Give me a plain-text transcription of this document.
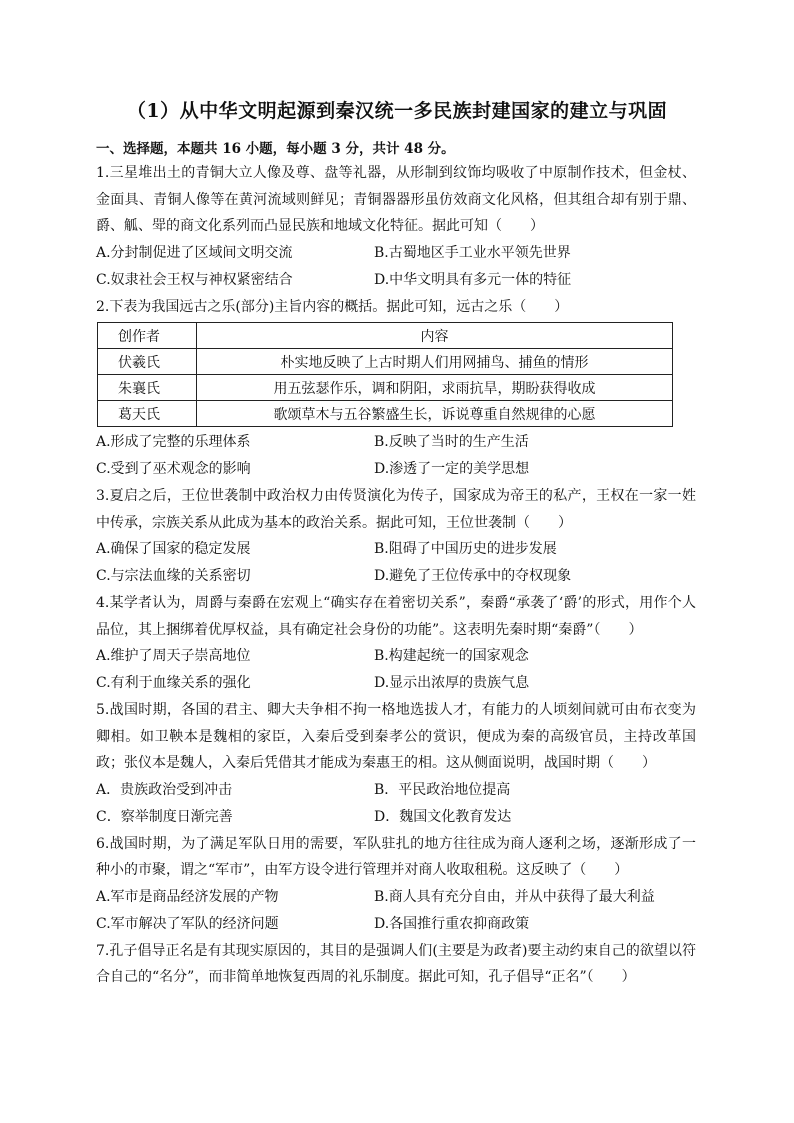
（1）从中华文明起源到秦汉统一多民族封建国家的建立与巩固
一、选择题，本题共 16 小题，每小题 3 分，共计 48 分。

1.三星堆出土的青铜大立人像及尊、盘等礼器，从形制到纹饰均吸收了中原制作技术，但金杖、金面具、青铜人像等在黄河流域则鲜见；青铜器器形虽仿效商文化风格，但其组合却有别于鼎、爵、觚、斝的商文化系列而凸显民族和地域文化特征。据此可知（　　）

A.分封制促进了区域间文明交流	B.古蜀地区手工业水平领先世界
C.奴隶社会王权与神权紧密结合	D.中华文明具有多元一体的特征

2.下表为我国远古之乐(部分)主旨内容的概括。据此可知，远古之乐（　　）

创作者	内容
伏羲氏	朴实地反映了上古时期人们用网捕鸟、捕鱼的情形
朱襄氏	用五弦瑟作乐，调和阴阳，求雨抗旱，期盼获得收成
葛天氏	歌颂草木与五谷繁盛生长，诉说尊重自然规律的心愿
A.形成了完整的乐理体系	B.反映了当时的生产生活
C.受到了巫术观念的影响	D.渗透了一定的美学思想

3.夏启之后，王位世袭制中政治权力由传贤演化为传子，国家成为帝王的私产，王权在一家一姓中传承，宗族关系从此成为基本的政治关系。据此可知，王位世袭制（　　）

A.确保了国家的稳定发展	B.阻碍了中国历史的进步发展
C.与宗法血缘的关系密切	D.避免了王位传承中的夺权现象

4.某学者认为，周爵与秦爵在宏观上“确实存在着密切关系”，秦爵“承袭了‘爵’的形式，用作个人品位，其上捆绑着优厚权益，具有确定社会身份的功能”。这表明先秦时期“秦爵”（　　）

A.维护了周天子崇高地位	B.构建起统一的国家观念
C.有利于血缘关系的强化	D.显示出浓厚的贵族气息

5.战国时期，各国的君主、卿大夫争相不拘一格地选拔人才，有能力的人顷刻间就可由布衣变为卿相。如卫鞅本是魏相的家臣，入秦后受到秦孝公的赏识，便成为秦的高级官员，主持改革国政；张仪本是魏人，入秦后凭借其才能成为秦惠王的相。这从侧面说明，战国时期（　　）

A．贵族政治受到冲击	B．平民政治地位提高
C．察举制度日渐完善	D．魏国文化教育发达

6.战国时期，为了满足军队日用的需要，军队驻扎的地方往往成为商人逐利之场，逐渐形成了一种小的市聚，谓之“军市”，由军方设令进行管理并对商人收取租税。这反映了（　　）

A.军市是商品经济发展的产物	B.商人具有充分自由，并从中获得了最大利益
C.军市解决了军队的经济问题	D.各国推行重农抑商政策

7.孔子倡导正名是有其现实原因的，其目的是强调人们(主要是为政者)要主动约束自己的欲望以符合自己的“名分”，而非简单地恢复西周的礼乐制度。据此可知，孔子倡导“正名”（　　）
